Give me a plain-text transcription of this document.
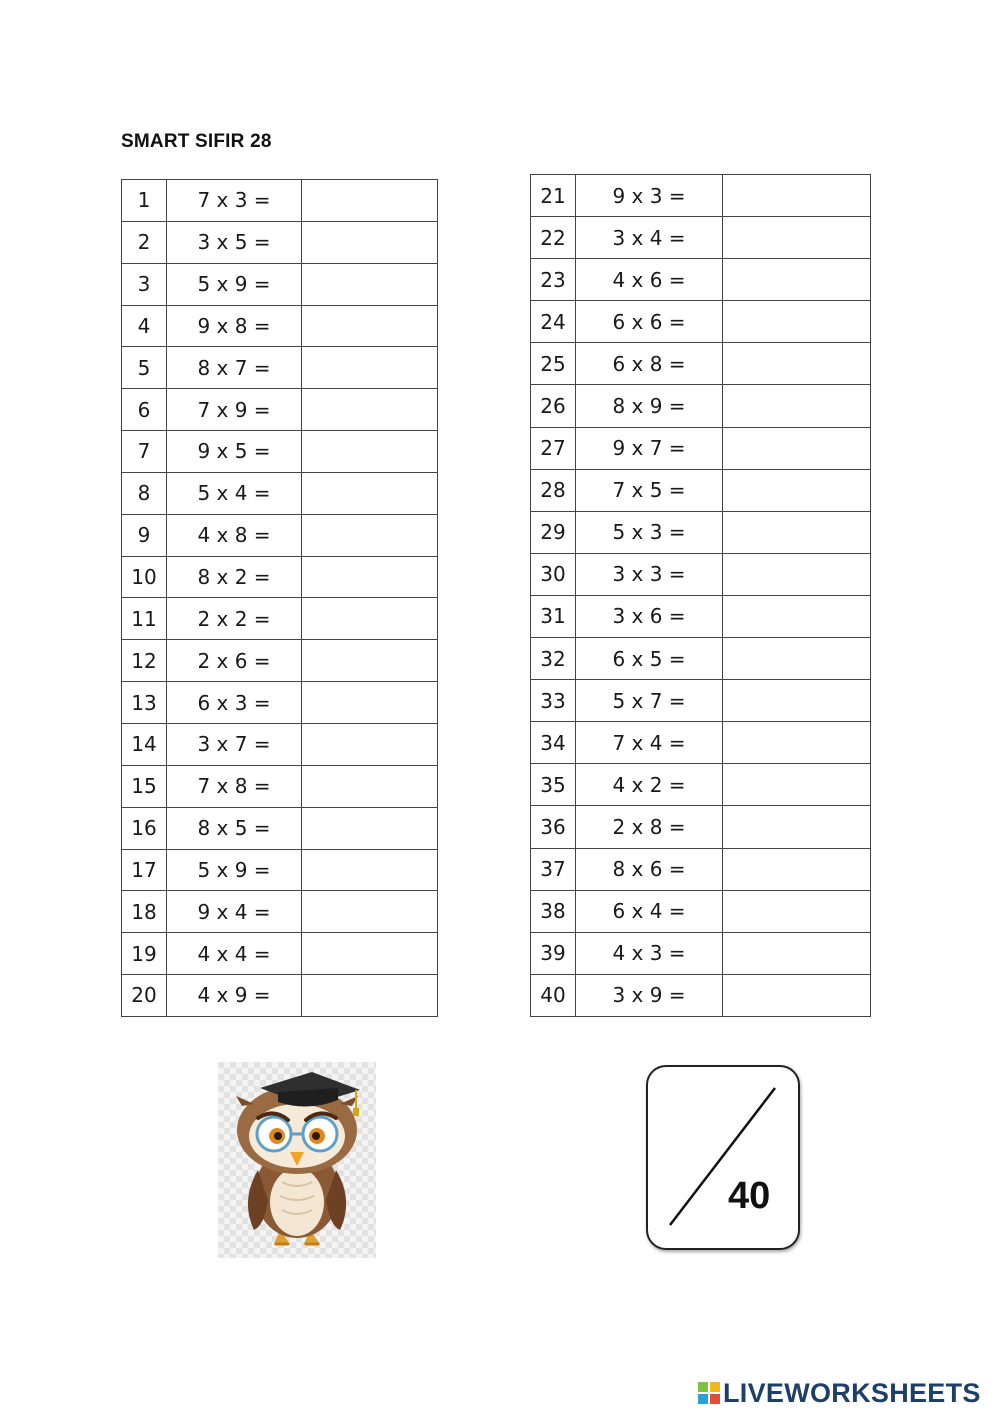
SMART SIFIR 28
1	7 x 3 =	
2	3 x 5 =	
3	5 x 9 =	
4	9 x 8 =	
5	8 x 7 =	
6	7 x 9 =	
7	9 x 5 =	
8	5 x 4 =	
9	4 x 8 =	
10	8 x 2 =	
11	2 x 2 =	
12	2 x 6 =	
13	6 x 3 =	
14	3 x 7 =	
15	7 x 8 =	
16	8 x 5 =	
17	5 x 9 =	
18	9 x 4 =	
19	4 x 4 =	
20	4 x 9 =	
21	9 x 3 =	
22	3 x 4 =	
23	4 x 6 =	
24	6 x 6 =	
25	6 x 8 =	
26	8 x 9 =	
27	9 x 7 =	
28	7 x 5 =	
29	5 x 3 =	
30	3 x 3 =	
31	3 x 6 =	
32	6 x 5 =	
33	5 x 7 =	
34	7 x 4 =	
35	4 x 2 =	
36	2 x 8 =	
37	8 x 6 =	
38	6 x 4 =	
39	4 x 3 =	
40	3 x 9 =	
40
LIVEWORKSHEETS
